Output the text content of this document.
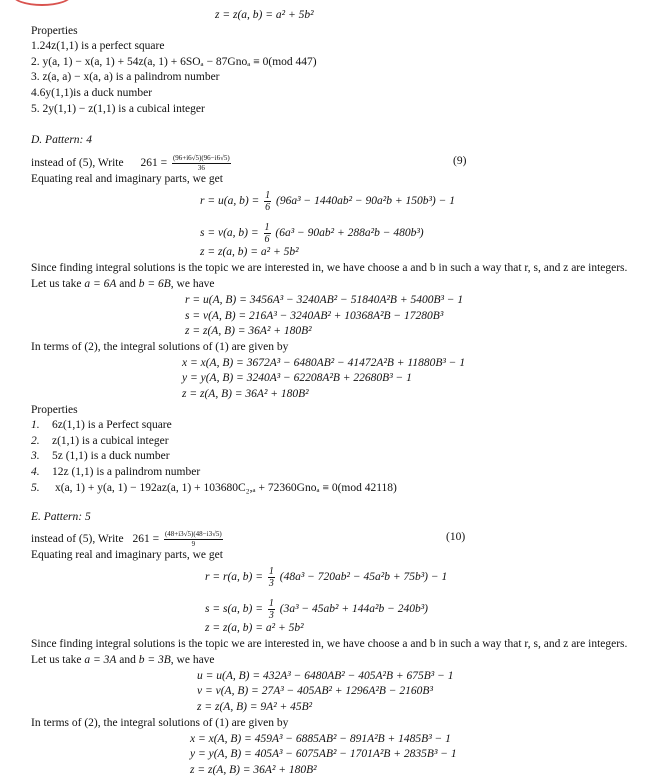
z = z(a, b) = a² + 5b²
Properties
1.24z(1,1) is a perfect square
2. y(a, 1) − x(a, 1) + 54z(a, 1) + 6SOₐ − 87Gnoₐ ≡ 0(mod 447)
3. z(a, a) − x(a, a) is a palindrom number
4.6y(1,1)is a duck number
5. 2y(1,1) − z(1,1) is a cubical integer
D. Pattern: 4
instead of (5), Write $261 = \frac{(96+i6√5)(96-i6√5)}{36}$	(9)
Equating real and imaginary parts, we get
r = u(a, $b) = \frac{1}{6} (96a^3 - 1440ab^2 - 90a^2b + 150b^3) - 1$
s = v(a, $b) = \frac{1}{6} (6a^3 - 90ab^2 + 288a^2b - 480b^3)$
z = z(a, b) = a² + 5b²
Since finding integral solutions is the topic we are interested in, we have choose a and b in such a way that r, s, and z are integers.
Let us take a = 6A and b = 6B, we have
r = u(A, B) = 3456A³ − 3240AB² − 51840A²B + 5400B³ − 1
s = v(A, B) = 216A³ − 3240AB² + 10368A²B − 17280B³
z = z(A, B) = 36A² + 180B²
In terms of (2), the integral solutions of (1) are given by
x = x(A, B) = 3672A³ − 6480AB² − 41472A²B + 11880B³ − 1
y = y(A, B) = 3240A³ − 62208A²B + 22680B³ − 1
z = z(A, B) = 36A² + 180B²
Properties
1. 6z(1,1) is a Perfect square
2. z(1,1) is a cubical integer
3. 5z (1,1) is a duck number
4. 12z (1,1) is a palindrom number
5. x(a, 1) + y(a, 1) − 192az(a, 1) + 103680C₂,ₐ + 72360Gnoₐ ≡ 0(mod 42118)
E. Pattern: 5
instead of (5), Write $261 = \frac{(48+i3√5)(48-i3√5)}{9}$	(10)
Equating real and imaginary parts, we get
r = r(a, $b) = \frac{1}{3} (48a^3 - 720ab^2 - 45a^2b + 75b^3) - 1$
s = s(a, $b) = \frac{1}{3} (3a^3 - 45ab^2 + 144a^2b - 240b^3)$
z = z(a, b) = a² + 5b²
Since finding integral solutions is the topic we are interested in, we have choose a and b in such a way that r, s, and z are integers.
Let us take a = 3A and b = 3B, we have
u = u(A, B) = 432A³ − 6480AB² − 405A²B + 675B³ − 1
v = v(A, B) = 27A³ − 405AB² + 1296A²B − 2160B³
z = z(A, B) = 9A² + 45B²
In terms of (2), the integral solutions of (1) are given by
x = x(A, B) = 459A³ − 6885AB² − 891A²B + 1485B³ − 1
y = y(A, B) = 405A³ − 6075AB² − 1701A²B + 2835B³ − 1
z = z(A, B) = 36A² + 180B²
